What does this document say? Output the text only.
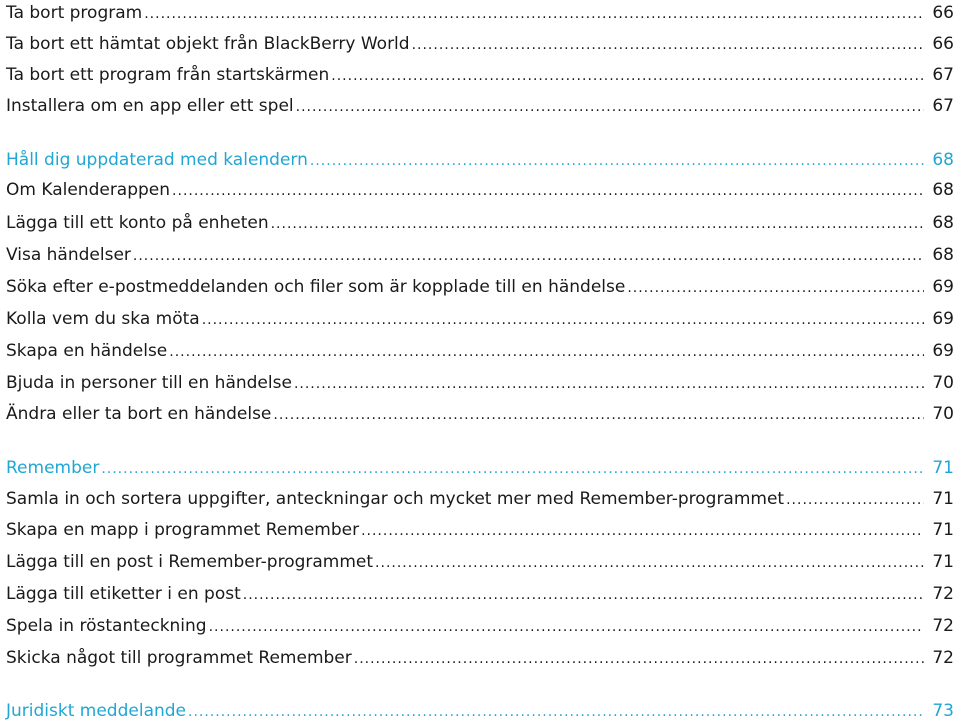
Ta bort program .....	66
Ta bort ett hämtat objekt från BlackBerry World .....	66
Ta bort ett program från startskärmen .....	67
Installera om en app eller ett spel .....	67
Håll dig uppdaterad med kalendern .....	68
Om Kalenderappen .....	68
Lägga till ett konto på enheten .....	68
Visa händelser .....	68
Söka efter e-postmeddelanden och filer som är kopplade till en händelse .....	69
Kolla vem du ska möta .....	69
Skapa en händelse .....	69
Bjuda in personer till en händelse .....	70
Ändra eller ta bort en händelse .....	70
Remember .....	71
Samla in och sortera uppgifter, anteckningar och mycket mer med Remember-programmet .....	71
Skapa en mapp i programmet Remember .....	71
Lägga till en post i Remember-programmet .....	71
Lägga till etiketter i en post .....	72
Spela in röstanteckning .....	72
Skicka något till programmet Remember .....	72
Juridiskt meddelande .....	73
